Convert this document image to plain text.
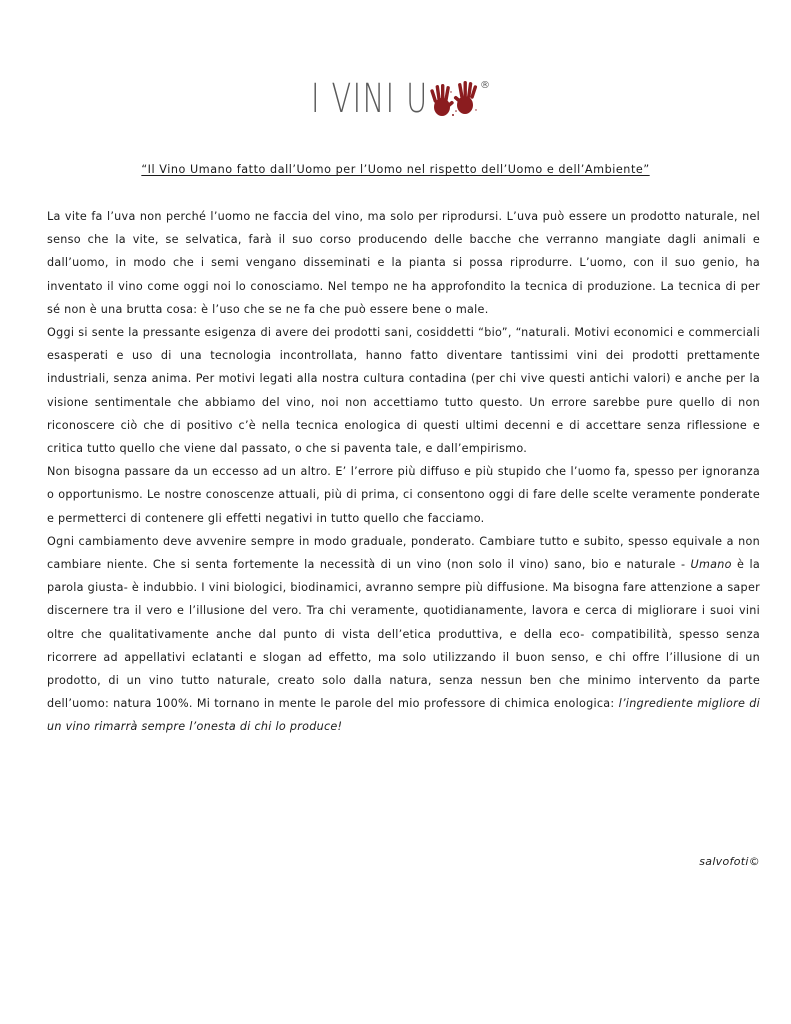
I VINI U	®
“Il Vino Umano fatto dall’Uomo per l’Uomo nel rispetto dell’Uomo e dell’Ambiente”

La vite fa l’uva non perché l’uomo ne faccia del vino, ma solo per riprodursi. L’uva può essere un prodotto naturale, nel senso che la vite, se selvatica, farà il suo corso producendo delle bacche che verranno mangiate dagli animali e dall’uomo, in modo che i semi vengano disseminati e la pianta si possa riprodurre. L’uomo, con il suo genio, ha inventato il vino come oggi noi lo conosciamo. Nel tempo ne ha approfondito la tecnica di produzione. La tecnica di per sé non è una brutta cosa: è l’uso che se ne fa che può essere bene o male.

Oggi si sente la pressante esigenza di avere dei prodotti sani, cosiddetti “bio”, “naturali. Motivi economici e commerciali esasperati e uso di una tecnologia incontrollata, hanno fatto diventare tantissimi vini dei prodotti prettamente industriali, senza anima. Per motivi legati alla nostra cultura contadina (per chi vive questi antichi valori) e anche per la visione sentimentale che abbiamo del vino, noi non accettiamo tutto questo. Un errore sarebbe pure quello di non riconoscere ciò che di positivo c’è nella tecnica enologica di questi ultimi decenni e di accettare senza riflessione e critica tutto quello che viene dal passato, o che si paventa tale, e dall’empirismo.

Non bisogna passare da un eccesso ad un altro. E’ l’errore più diffuso e più stupido che l’uomo fa, spesso per ignoranza o opportunismo. Le nostre conoscenze attuali, più di prima, ci consentono oggi di fare delle scelte veramente ponderate e permetterci di contenere gli effetti negativi in tutto quello che facciamo.

Ogni cambiamento deve avvenire sempre in modo graduale, ponderato. Cambiare tutto e subito, spesso equivale a non cambiare niente. Che si senta fortemente la necessità di un vino (non solo il vino) sano, bio e naturale - Umano è la parola giusta- è indubbio. I vini biologici, biodinamici, avranno sempre più diffusione. Ma bisogna fare attenzione a saper discernere tra il vero e l’illusione del vero. Tra chi veramente, quotidianamente, lavora e cerca di migliorare i suoi vini oltre che qualitativamente anche dal punto di vista dell’etica produttiva, e della eco- compatibilità, spesso senza ricorrere ad appellativi eclatanti e slogan ad effetto, ma solo utilizzando il buon senso, e chi offre l’illusione di un prodotto, di un vino tutto naturale, creato solo dalla natura, senza nessun ben che minimo intervento da parte dell’uomo: natura 100%. Mi tornano in mente le parole del mio professore di chimica enologica: l’ingrediente migliore di un vino rimarrà sempre l’onesta di chi lo produce!

salvofoti©
